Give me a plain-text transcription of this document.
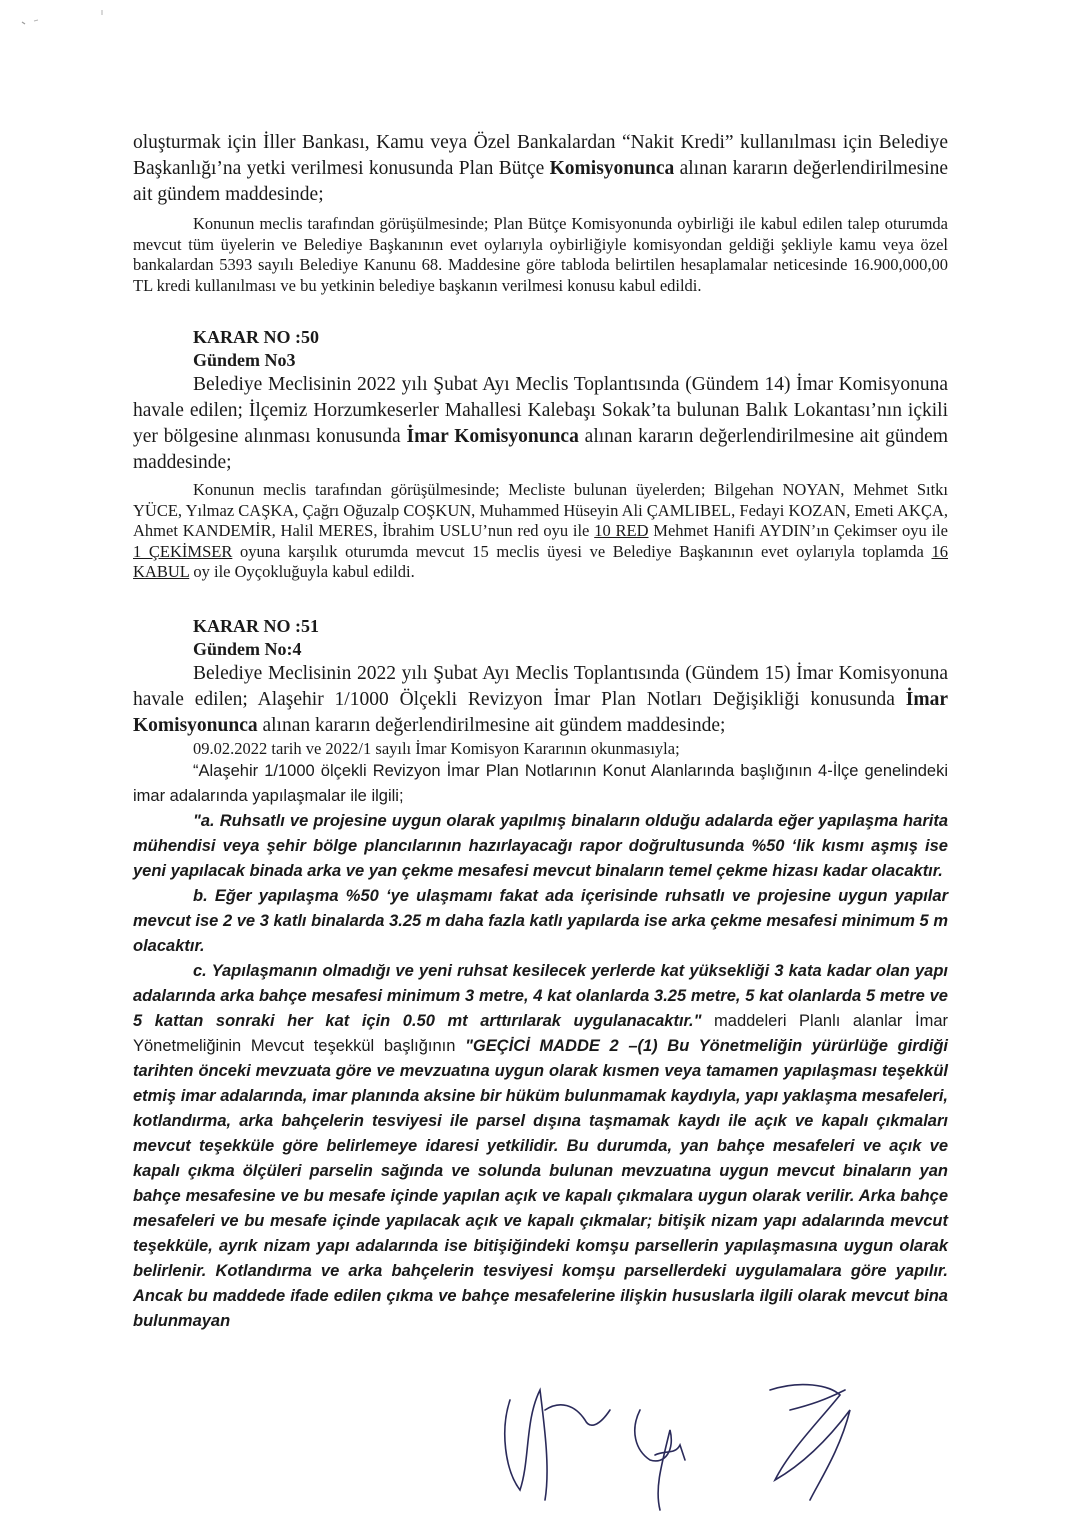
oluşturmak için İller Bankası, Kamu veya Özel Bankalardan “Nakit Kredi” kullanılması için Belediye Başkanlığı’na yetki verilmesi konusunda Plan Bütçe Komisyonunca alınan kararın değerlendirilmesine ait gündem maddesinde;

Konunun meclis tarafından görüşülmesinde; Plan Bütçe Komisyonunda oybirliği ile kabul edilen talep oturumda mevcut tüm üyelerin ve Belediye Başkanının evet oylarıyla oybirliğiyle komisyondan geldiği şekliyle kamu veya özel bankalardan 5393 sayılı Belediye Kanunu 68. Maddesine göre tabloda belirtilen hesaplamalar neticesinde 16.900,000,00 TL kredi kullanılması ve bu yetkinin belediye başkanın verilmesi konusu kabul edildi.

KARAR NO :50
Gündem No3

Belediye Meclisinin 2022 yılı Şubat Ayı Meclis Toplantısında (Gündem 14) İmar Komisyonuna havale edilen; İlçemiz Horzumkeserler Mahallesi Kalebaşı Sokak’ta bulunan Balık Lokantası’nın içkili yer bölgesine alınması konusunda İmar Komisyonunca alınan kararın değerlendirilmesine ait gündem maddesinde;

Konunun meclis tarafından görüşülmesinde; Mecliste bulunan üyelerden; Bilgehan NOYAN, Mehmet Sıtkı YÜCE, Yılmaz CAŞKA, Çağrı Oğuzalp COŞKUN, Muhammed Hüseyin Ali ÇAMLIBEL, Fedayi KOZAN, Emeti AKÇA, Ahmet KANDEMİR, Halil MERES, İbrahim USLU’nun red oyu ile 10 RED Mehmet Hanifi AYDIN’ın Çekimser oyu ile 1 ÇEKİMSER oyuna karşılık oturumda mevcut 15 meclis üyesi ve Belediye Başkanının evet oylarıyla toplamda 16 KABUL oy ile Oyçokluğuyla kabul edildi.

KARAR NO :51
Gündem No:4

Belediye Meclisinin 2022 yılı Şubat Ayı Meclis Toplantısında (Gündem 15) İmar Komisyonuna havale edilen; Alaşehir 1/1000 Ölçekli Revizyon İmar Plan Notları Değişikliği konusunda İmar Komisyonunca alınan kararın değerlendirilmesine ait gündem maddesinde;

09.02.2022 tarih ve 2022/1 sayılı İmar Komisyon Kararının okunmasıyla;

“Alaşehir 1/1000 ölçekli Revizyon İmar Plan Notlarının Konut Alanlarında başlığının 4-İlçe genelindeki imar adalarında yapılaşmalar ile ilgili;

"a. Ruhsatlı ve projesine uygun olarak yapılmış binaların olduğu adalarda eğer yapılaşma harita mühendisi veya şehir bölge plancılarının hazırlayacağı rapor doğrultusunda %50 ‘lik kısmı aşmış ise yeni yapılacak binada arka ve yan çekme mesafesi mevcut binaların temel çekme hizası kadar olacaktır.

b. Eğer yapılaşma %50 ‘ye ulaşmamı fakat ada içerisinde ruhsatlı ve projesine uygun yapılar mevcut ise 2 ve 3 katlı binalarda 3.25 m daha fazla katlı yapılarda ise arka çekme mesafesi minimum 5 m olacaktır.

c. Yapılaşmanın olmadığı ve yeni ruhsat kesilecek yerlerde kat yüksekliği 3 kata kadar olan yapı adalarında arka bahçe mesafesi minimum 3 metre, 4 kat olanlarda 3.25 metre, 5 kat olanlarda 5 metre ve 5 kattan sonraki her kat için 0.50 mt arttırılarak uygulanacaktır." maddeleri Planlı alanlar İmar Yönetmeliğinin Mevcut teşekkül başlığının "GEÇİCİ MADDE 2 –(1) Bu Yönetmeliğin yürürlüğe girdiği tarihten önceki mevzuata göre ve mevzuatına uygun olarak kısmen veya tamamen yapılaşması teşekkül etmiş imar adalarında, imar planında aksine bir hüküm bulunmamak kaydıyla, yapı yaklaşma mesafeleri, kotlandırma, arka bahçelerin tesviyesi ile parsel dışına taşmamak kaydı ile açık ve kapalı çıkmaları mevcut teşekküle göre belirlemeye idaresi yetkilidir. Bu durumda, yan bahçe mesafeleri ve açık ve kapalı çıkma ölçüleri parselin sağında ve solunda bulunan mevzuatına uygun mevcut binaların yan bahçe mesafesine ve bu mesafe içinde yapılan açık ve kapalı çıkmalara uygun olarak verilir. Arka bahçe mesafeleri ve bu mesafe içinde yapılacak açık ve kapalı çıkmalar; bitişik nizam yapı adalarında mevcut teşekküle, ayrık nizam yapı adalarında ise bitişiğindeki komşu parsellerin yapılaşmasına uygun olarak belirlenir. Kotlandırma ve arka bahçelerin tesviyesi komşu parsellerdeki uygulamalara göre yapılır. Ancak bu maddede ifade edilen çıkma ve bahçe mesafelerine ilişkin hususlarla ilgili olarak mevcut bina bulunmayan
